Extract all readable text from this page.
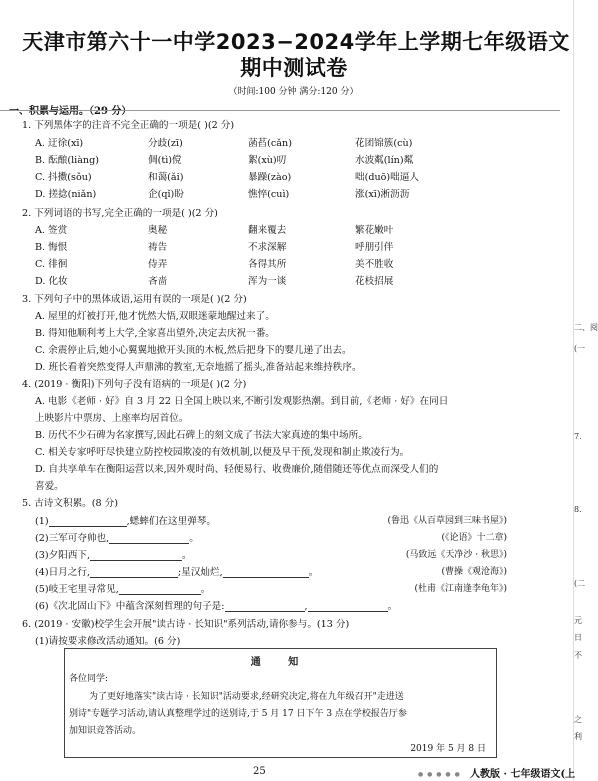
天津市第六十一中学2023−2024学年上学期七年级语文
期中测试卷
（时间:100 分钟 满分:120 分）
一、积累与运用。（29 分）
1. 下列黑体字的注音不完全正确的一项是( )(2 分)
A. 迂徐(xī)	分歧(zī)	菡萏(cǎn)	花团锦簇(cù)
B. 酝酿(liàng)	倜(tì)傥	絮(xù)叨	水波粼(lín)粼
C. 抖擞(sǒu)	和蔼(ǎi)	暴躁(zào)	咄(duō)咄逼人
D. 搓捻(niǎn)	企(qǐ)盼	憔悴(cuì)	涨(xī)淅沥沥
2. 下列词语的书写,完全正确的一项是( )(2 分)
A. 签赏	奥秘	翻来覆去	繁花嫩叶
B. 悔恨	祷告	不求深解	呼朋引伴
C. 徘徊	侍弄	各得其所	美不胜收
D. 化妆	吝啬	浑为一谈	花枝招展
3. 下列句子中的黑体成语,运用有误的一项是( )(2 分)
A. 屋里的灯被打开,他才恍然大悟,双眼迷蒙地醒过来了。
B. 得知他顺利考上大学,全家喜出望外,决定去庆祝一番。
C. 余震停止后,她小心翼翼地掀开头顶的木板,然后把身下的婴儿递了出去。
D. 班长看着突然变得人声鼎沸的教室,无奈地摇了摇头,准备站起来维持秩序。
4. (2019 · 衡阳)下列句子没有语病的一项是( )(2 分)
A. 电影《老师 · 好》自 3 月 22 日全国上映以来,不断引发观影热潮。到目前,《老师 · 好》在同日
上映影片中票房、上座率均居首位。
B. 历代不少石碑为名家撰写,因此石碑上的刻文成了书法大家真迹的集中场所。
C. 相关专家呼吁尽快建立防控校园欺凌的有效机制,以便及早干预,发现和制止欺凌行为。
D. 自共享单车在衡阳运营以来,因外观时尚、轻便易行、收费廉价,随借随还等优点而深受人们的
喜爱。
5. 古诗文积累。(8 分)
(1)	,蟋蟀们在这里弹琴。	(鲁迅《从百草园到三味书屋》)
(2)三军可夺帅也,	。	(《论语》十二章)
(3)夕阳西下,	。	(马致远《天净沙 · 秋思》)
(4)日月之行,	;星汉灿烂,	。	(曹操《观沧海》)
(5)岐王宅里寻常见,	。	(杜甫《江南逢李龟年》)
(6)《次北固山下》中蕴含深刻哲理的句子是:	,	。
6. (2019 · 安徽)校学生会开展"读古诗 · 长知识"系列活动,请你参与。(13 分)
(1)请按要求修改活动通知。(6 分)
通 知
各位同学:
为了更好地落实"读古诗 · 长知识"活动要求,经研究决定,将在九年级召开"走进送
别诗"专题学习活动,请认真整理学过的送别诗,于 5 月 17 日下午 3 点在学校报告厅参
加知识竞答活动。
2019 年 5 月 8 日
25	● ● ● ● ● 人教版 · 七年级语文(上
二、阅
(一
7.
8.
(二
元
日
不
之
利
